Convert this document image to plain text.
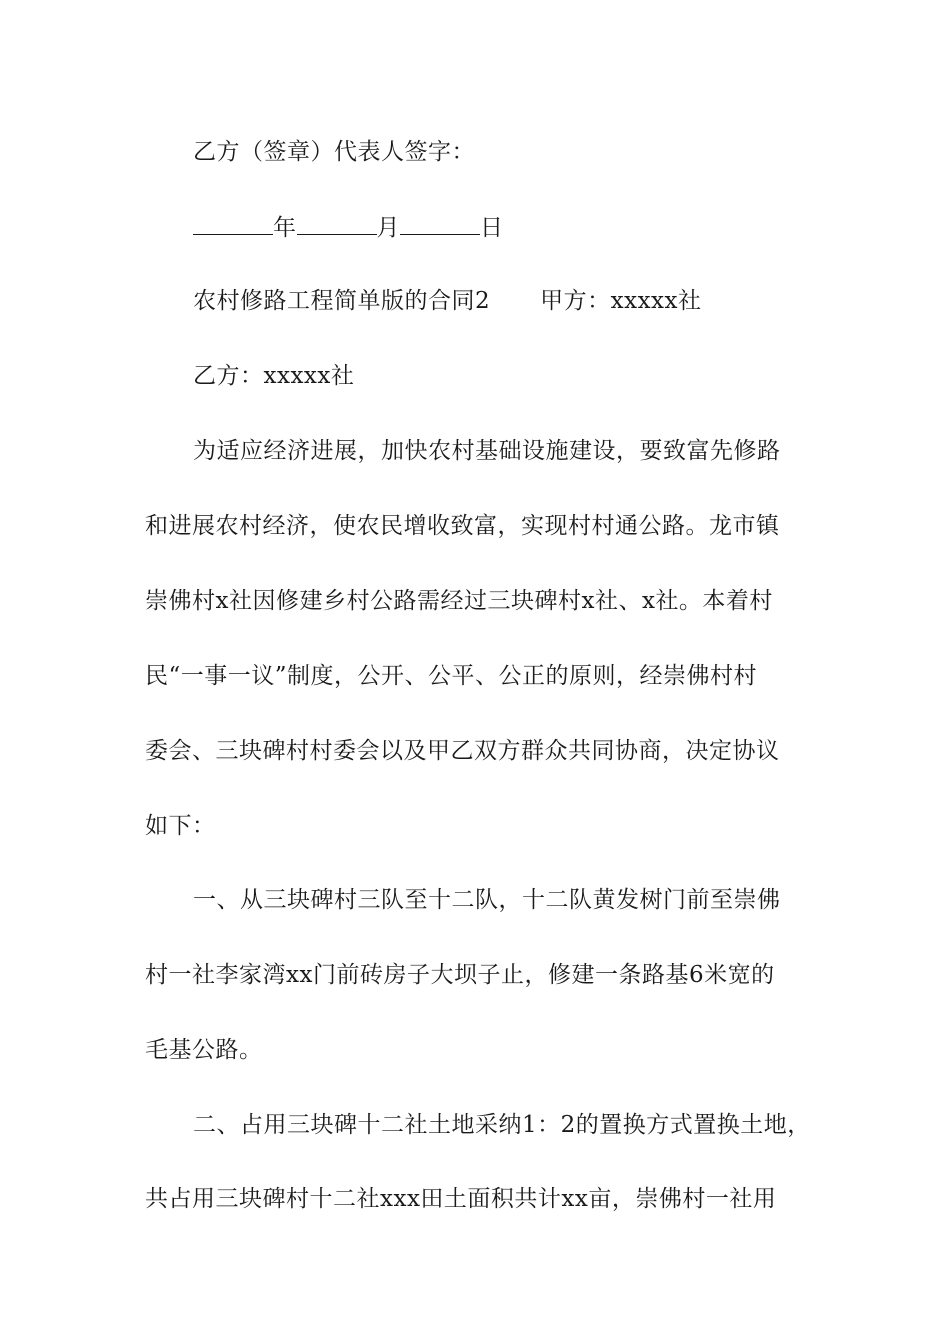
乙方（签章）代表人签字：
年	月	日
农村修路工程简单版的合同2 甲方：xxxxx社
乙方：xxxxx社
为适应经济进展，加快农村基础设施建设，要致富先修路
和进展农村经济，使农民增收致富，实现村村通公路。龙市镇
崇佛村x社因修建乡村公路需经过三块碑村x社、x社。本着村
民“一事一议”制度，公开、公平、公正的原则，经崇佛村村
委会、三块碑村村委会以及甲乙双方群众共同协商，决定协议
如下：
一、从三块碑村三队至十二队，十二队黄发树门前至崇佛
村一社李家湾xx门前砖房子大坝子止，修建一条路基6米宽的
毛基公路。
二、占用三块碑十二社土地采纳1：2的置换方式置换土地，
共占用三块碑村十二社xxx田土面积共计xx亩，崇佛村一社用
